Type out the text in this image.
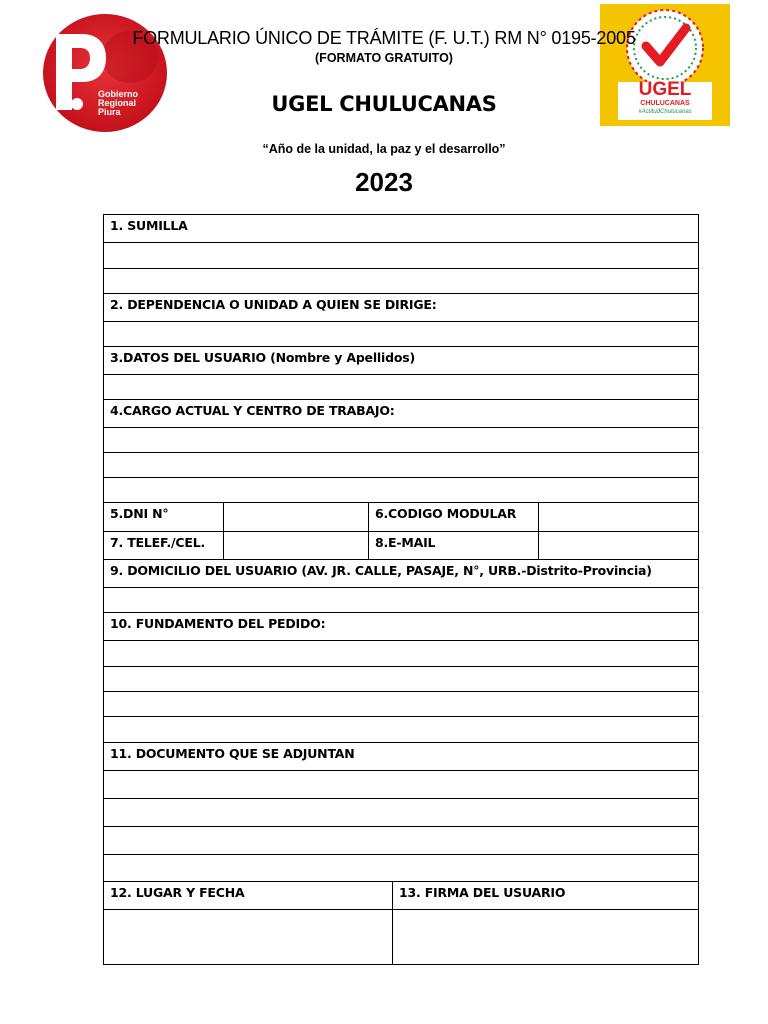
Gobierno
Regional
Piura
UGEL
CHULUCANAS
#ActitudChulucanas
FORMULARIO ÚNICO DE TRÁMITE (F. U.T.) RM N° 0195-2005
(FORMATO GRATUITO)
UGEL CHULUCANAS
“Año de la unidad, la paz y el desarrollo”
2023
1. SUMILLA
2. DEPENDENCIA O UNIDAD A QUIEN SE DIRIGE:
3.DATOS DEL USUARIO (Nombre y Apellidos)
4.CARGO ACTUAL Y CENTRO DE TRABAJO:
5.DNI N°	6.CODIGO MODULAR
7. TELEF./CEL.	8.E-MAIL
9. DOMICILIO DEL USUARIO (AV. JR. CALLE, PASAJE, N°, URB.-Distrito-Provincia)
10. FUNDAMENTO DEL PEDIDO:
11. DOCUMENTO QUE SE ADJUNTAN
12. LUGAR Y FECHA	13. FIRMA DEL USUARIO
